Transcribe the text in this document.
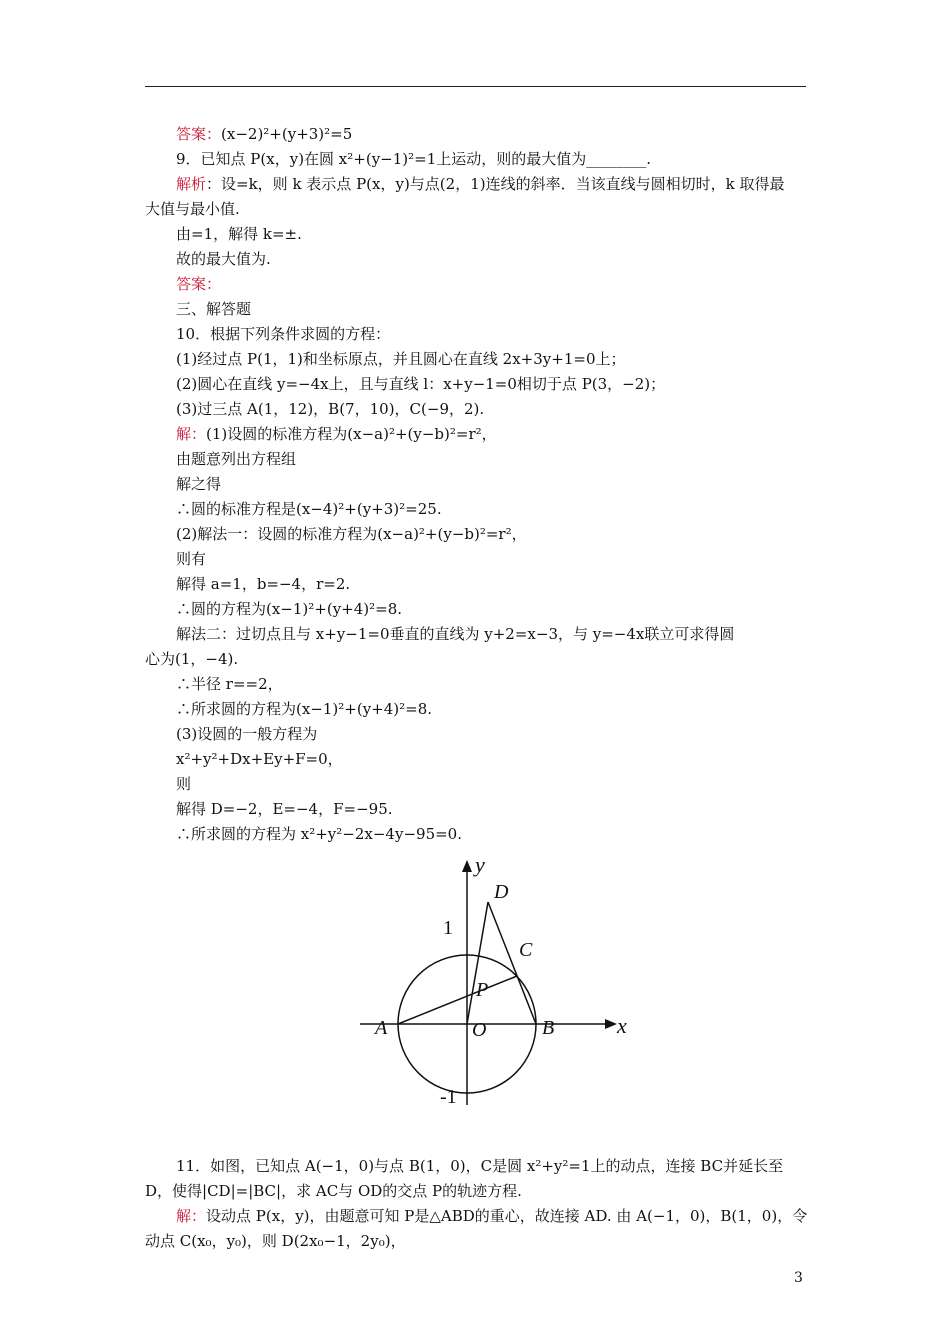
答案：(x−2)²+(y+3)²=5
9．已知点 P(x，y)在圆 x²+(y−1)²=1上运动，则的最大值为________.
解析：设=k，则 k 表示点 P(x，y)与点(2，1)连线的斜率．当该直线与圆相切时，k 取得最
大值与最小值.
由=1，解得 k=±.
故的最大值为.
答案：
三、解答题
10．根据下列条件求圆的方程：
(1)经过点 P(1，1)和坐标原点，并且圆心在直线 2x+3y+1=0上；
(2)圆心在直线 y=−4x上，且与直线 l：x+y−1=0相切于点 P(3，−2)；
(3)过三点 A(1，12)，B(7，10)，C(−9，2).
解：(1)设圆的标准方程为(x−a)²+(y−b)²=r²，
由题意列出方程组
解之得
∴圆的标准方程是(x−4)²+(y+3)²=25.
(2)解法一：设圆的标准方程为(x−a)²+(y−b)²=r²，
则有
解得 a=1，b=−4，r=2.
∴圆的方程为(x−1)²+(y+4)²=8.
解法二：过切点且与 x+y−1=0垂直的直线为 y+2=x−3，与 y=−4x联立可求得圆
心为(1，−4).
∴半径 r==2，
∴所求圆的方程为(x−1)²+(y+4)²=8.
(3)设圆的一般方程为
x²+y²+Dx+Ey+F=0，
则
解得 D=−2，E=−4，F=−95.
∴所求圆的方程为 x²+y²−2x−4y−95=0.
y
x
D
C
P
A	O	B
1
-1
11．如图，已知点 A(−1，0)与点 B(1，0)，C是圆 x²+y²=1上的动点，连接 BC并延长至
D，使得|CD|=|BC|，求 AC与 OD的交点 P的轨迹方程.
解：设动点 P(x，y)，由题意可知 P是△ABD的重心，故连接 AD. 由 A(−1，0)，B(1，0)，令
动点 C(x₀，y₀)，则 D(2x₀−1，2y₀)，
3
